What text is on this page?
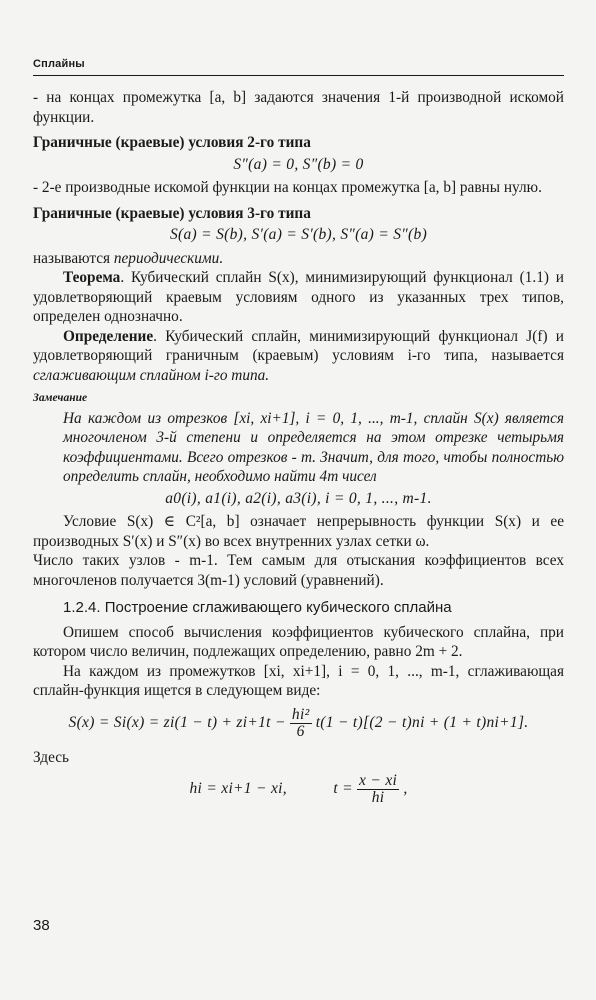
Сплайны

- на концах промежутка [a, b] задаются значения 1-й производной искомой функции.

Граничные (краевые) условия 2-го типа

S″(a) = 0, S″(b) = 0

- 2-е производные искомой функции на концах промежутка [a, b] равны нулю.

Граничные (краевые) условия 3-го типа

S(a) = S(b), S′(a) = S′(b), S″(a) = S″(b)

называются периодическими.

Теорема. Кубический сплайн S(x), минимизирующий функционал (1.1) и удовлетворяющий краевым условиям одного из указанных трех типов, определен однозначно.

Определение. Кубический сплайн, минимизирующий функционал J(f) и удовлетворяющий граничным (краевым) условиям i-го типа, называется сглаживающим сплайном i-го типа.

Замечание

На каждом из отрезков [xi, xi+1], i = 0, 1, ..., m-1, сплайн S(x) является многочленом 3-й степени и определяется на этом отрезке четырьмя коэффициентами. Всего отрезков - m. Значит, для того, чтобы полностью определить сплайн, необходимо найти 4m чисел

a0(i), a1(i), a2(i), a3(i), i = 0, 1, ..., m-1.

Условие S(x) ∈ C²[a, b] означает непрерывность функции S(x) и ее производных S′(x) и S″(x) во всех внутренних узлах сетки ω.

Число таких узлов - m-1. Тем самым для отыскания коэффициентов всех многочленов получается 3(m-1) условий (уравнений).

1.2.4. Построение сглаживающего кубического сплайна

Опишем способ вычисления коэффициентов кубического сплайна, при котором число величин, подлежащих определению, равно 2m + 2.

На каждом из промежутков [xi, xi+1], i = 0, 1, ..., m-1, сглаживающая сплайн-функция ищется в следующем виде:

$S(x) = Si(x) = zi(1 - t) + zi+1t - \frac{\text{hi²}}{6} t(1 - t)[(2 - t)ni + (1 + t)ni+1]$.

Здесь

hi = xi+1 − xi,	$t = \frac{x - xi}{hi}$ ,

38
